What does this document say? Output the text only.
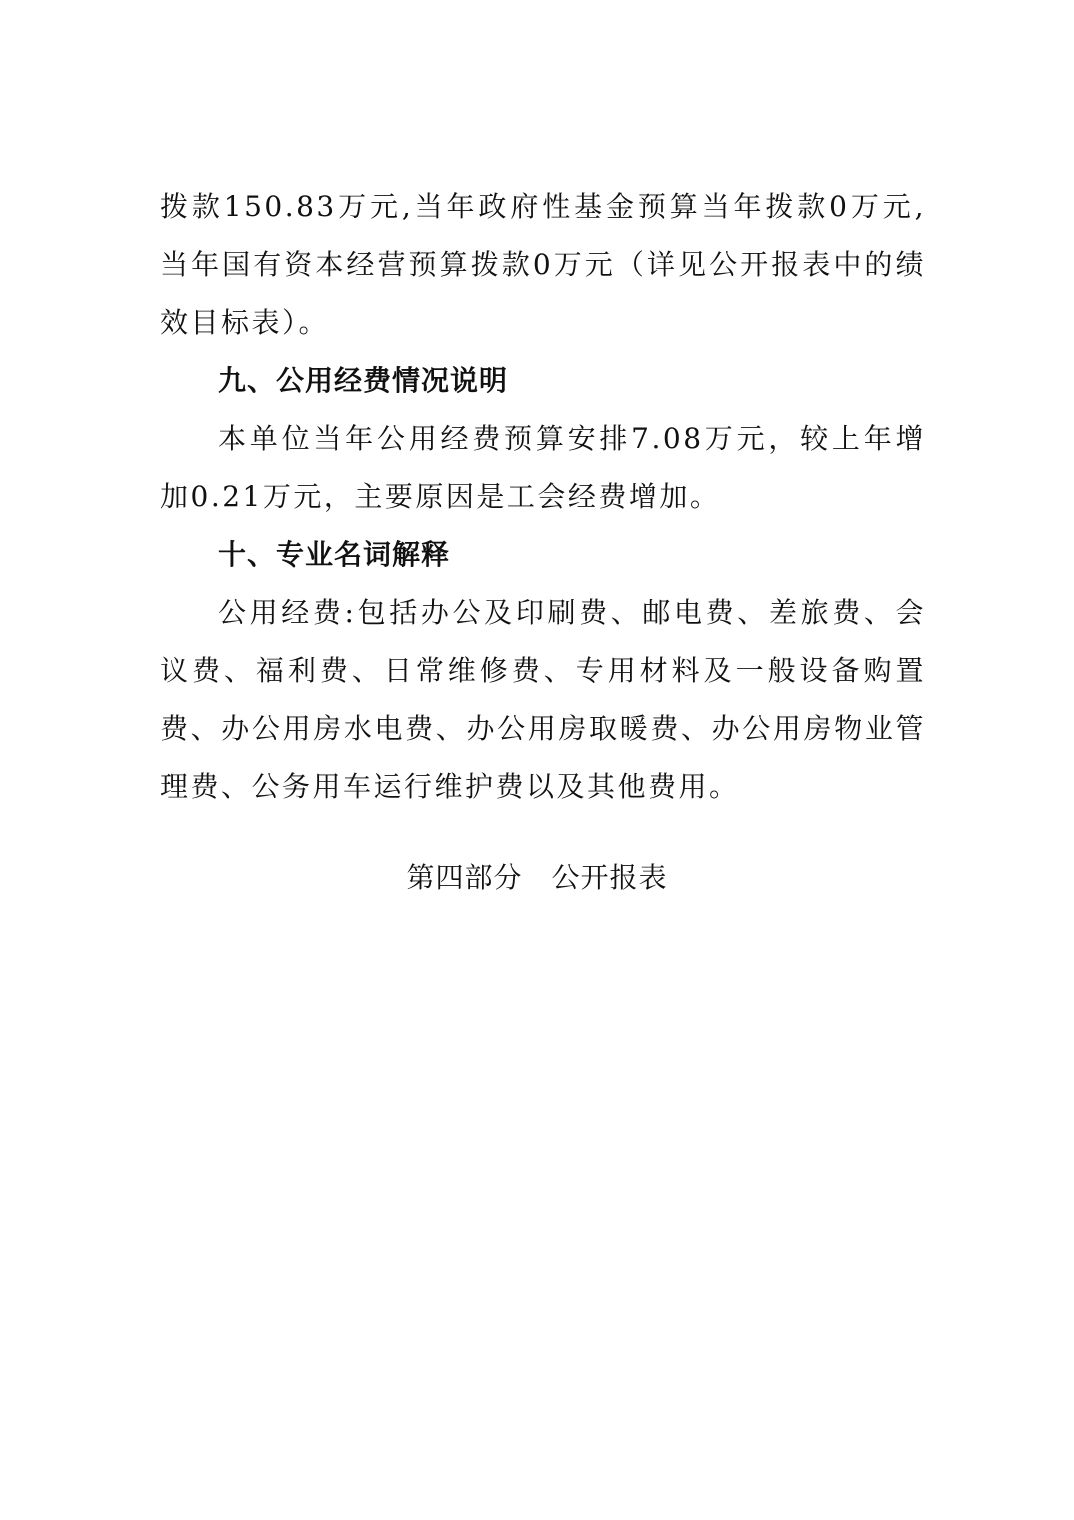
拨款150.83万元,当年政府性基金预算当年拨款0万元,当年国有资本经营预算拨款0万元（详见公开报表中的绩效目标表）。

九、公用经费情况说明

本单位当年公用经费预算安排7.08万元，较上年增加0.21万元，主要原因是工会经费增加。

十、专业名词解释

公用经费:包括办公及印刷费、邮电费、差旅费、会议费、福利费、日常维修费、专用材料及一般设备购置费、办公用房水电费、办公用房取暖费、办公用房物业管理费、公务用车运行维护费以及其他费用。

第四部分　公开报表
